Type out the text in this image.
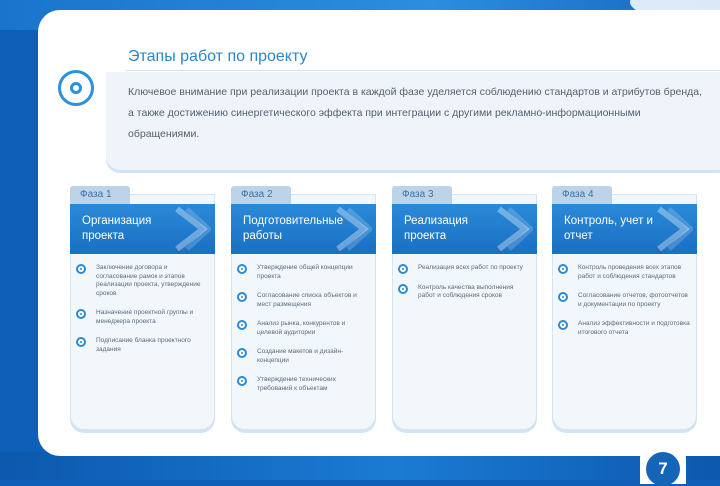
Этапы работ по проекту

Ключевое внимание при реализации проекта в каждой фазе уделяется соблюдению стандартов и атрибутов бренда, а также достижению синергетического эффекта при интеграции с другими рекламно-информационными обращениями.

Фаза 1
Организация проекта
Заключение договора и согласование рамок и этапов реализации проекта, утверждение сроков
Назначение проектной группы и менеджера проекта
Подписание бланка проектного задания
Фаза 2
Подготовительные работы
Утверждение общей концепции проекта
Согласование списка объектов и мест размещения
Анализ рынка, конкурентов и целевой аудитории
Создание макетов и дизайн-концепции
Утверждение технических требований к объектам
Фаза 3
Реализация проекта
Реализация всех работ по проекту
Контроль качества выполнения работ и соблюдения сроков
Фаза 4
Контроль, учет и отчет
Контроль проведения всех этапов работ и соблюдения стандартов
Согласование отчетов, фотоотчетов и документации по проекту
Анализ эффективности и подготовка итогового отчета
7
